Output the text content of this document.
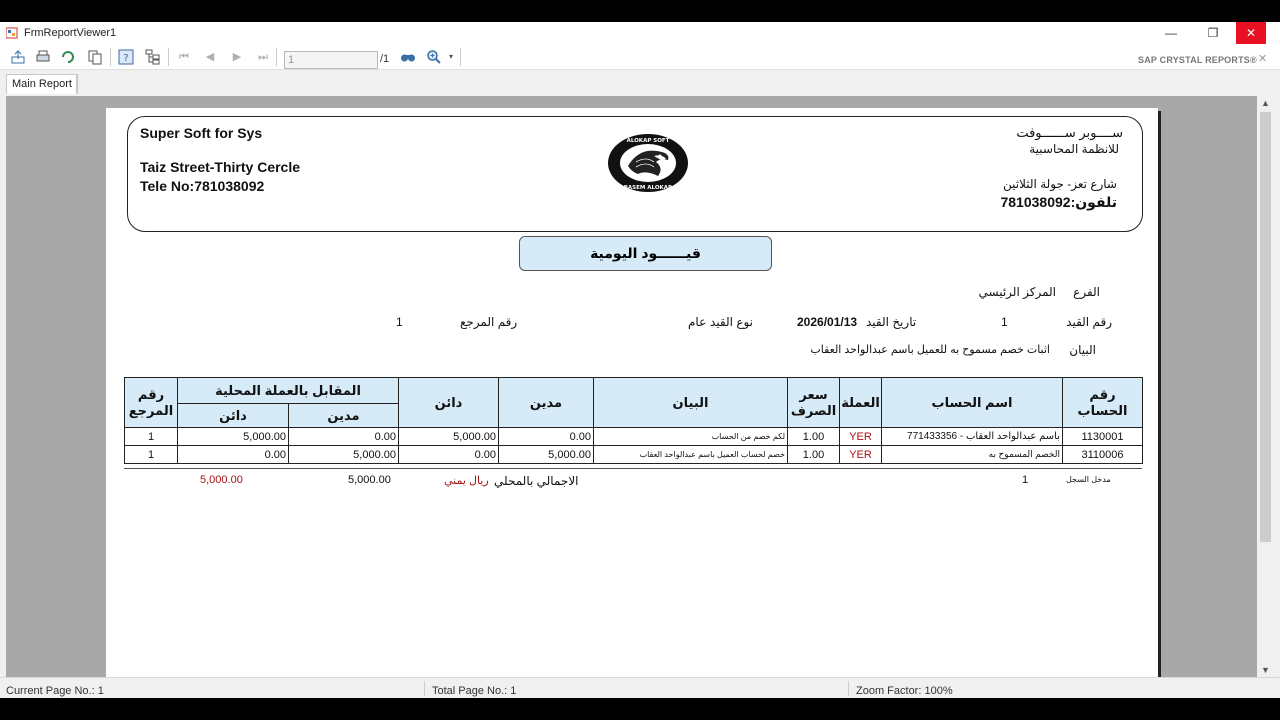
FrmReportViewer1	—	❐	✕
?	⏮	◀	▶	⏭	▾
1	/1	SAP CRYSTAL REPORTS® ✕
Main Report
Super Soft for Sys
Taiz Street-Thirty Cercle
Tele No:781038092
ســــوبر ســــــوفت
للانظمة المحاسبية
شارع تعز- جولة الثلاثين
تلفون:781038092
ALOKAP SOFT
BASEM ALOKAB
قيــــــود اليومية
الفرع
المركز الرئيسي
رقم القيد
1
تاريخ القيد
2026/01/13
نوع القيد
عام
رقم المرجع
1
البيان
اثبات خصم مسموح به للعميل باسم عبدالواحد العقاب
رقم المرجع	المقابل بالعملة المحلية		دائن	مدين	البيان	سعر الصرف	العملة	اسم الحساب	رقم الحساب
	دائن	مدين							
1	5,000.00	0.00	5,000.00	0.00	لكم خصم من الحساب	1.00	YER	باسم عبدالواحد العقاب - 771433356	1130001
1	0.00	5,000.00	0.00	5,000.00	خصم لحساب العميل باسم عبدالواحد العقاب	1.00	YER	الخصم المسموح به	3110006
مدخل السجل
1
الاجمالي بالمحلي
ريال يمني
5,000.00
5,000.00
▲
▼
Current Page No.: 1	Total Page No.: 1	Zoom Factor: 100%
